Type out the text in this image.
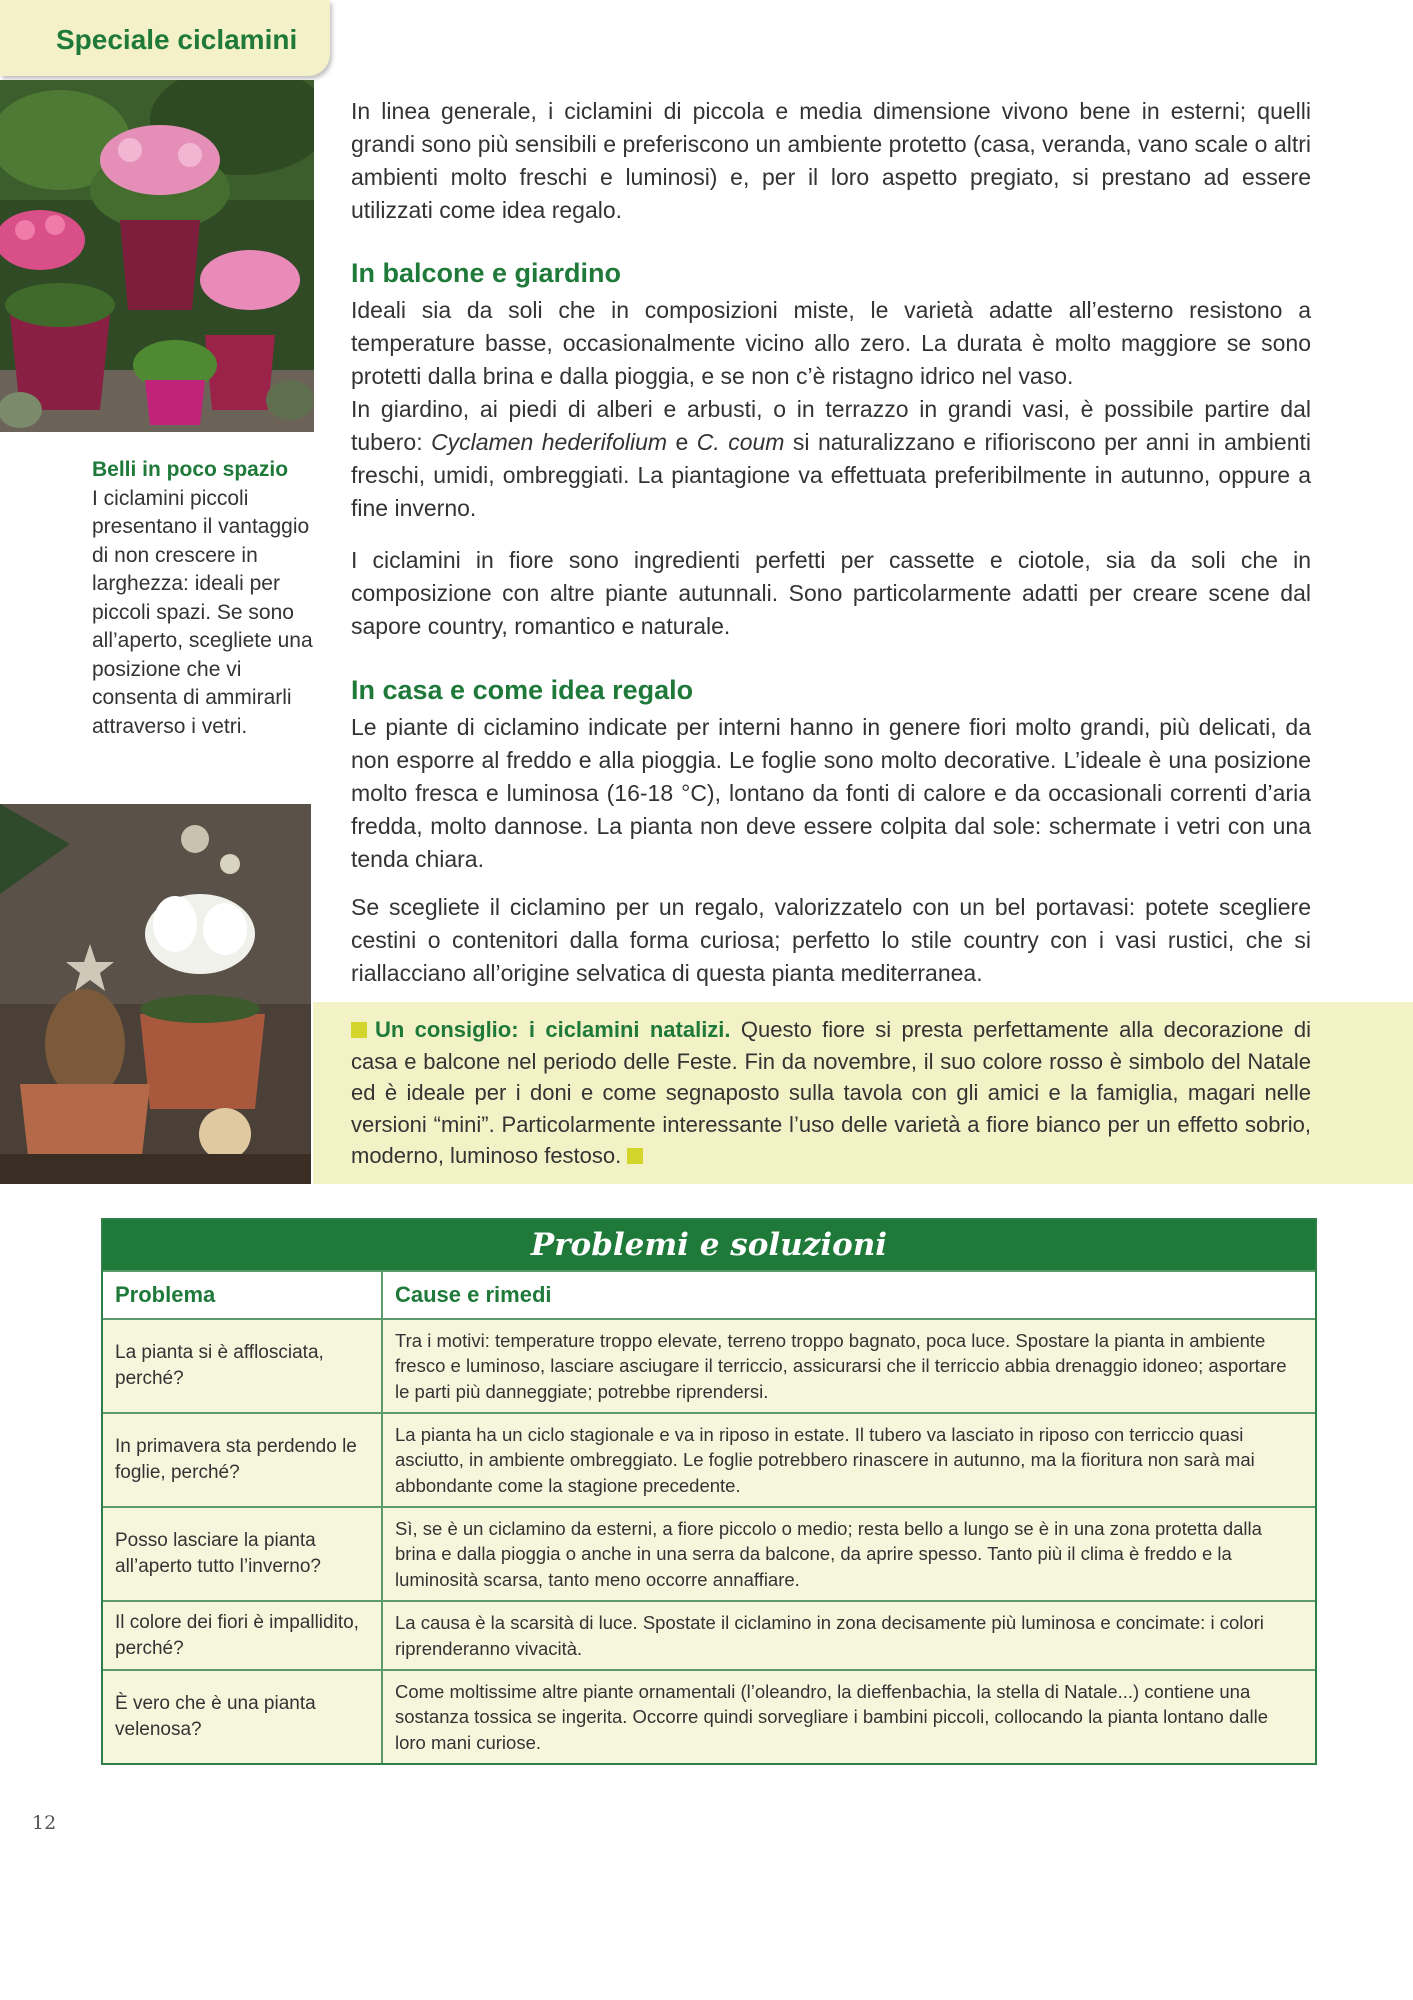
Speciale ciclamini
Belli in poco spazio
I ciclamini piccoli presentano il vantaggio di non crescere in larghezza: ideali per piccoli spazi. Se sono all’aperto, scegliete una posizione che vi consenta di ammirarli attraverso i vetri.

In linea generale, i ciclamini di piccola e media dimensione vivono bene in esterni; quelli grandi sono più sensibili e preferiscono un ambiente protetto (casa, veranda, vano scale o altri ambienti molto freschi e luminosi) e, per il loro aspetto pregiato, si prestano ad essere utilizzati come idea regalo.

In balcone e giardino

Ideali sia da soli che in composizioni miste, le varietà adatte all’esterno resistono a temperature basse, occasionalmente vicino allo zero. La durata è molto maggiore se sono protetti dalla brina e dalla pioggia, e se non c’è ristagno idrico nel vaso.

In giardino, ai piedi di alberi e arbusti, o in terrazzo in grandi vasi, è possibile partire dal tubero: Cyclamen hederifolium e C. coum si naturalizzano e rifioriscono per anni in ambienti freschi, umidi, ombreggiati. La piantagione va effettuata preferibilmente in autunno, oppure a fine inverno.

I ciclamini in fiore sono ingredienti perfetti per cassette e ciotole, sia da soli che in composizione con altre piante autunnali. Sono particolarmente adatti per creare scene dal sapore country, romantico e naturale.

In casa e come idea regalo

Le piante di ciclamino indicate per interni hanno in genere fiori molto grandi, più delicati, da non esporre al freddo e alla pioggia. Le foglie sono molto decorative. L’ideale è una posizione molto fresca e luminosa (16-18 °C), lontano da fonti di calore e da occasionali correnti d’aria fredda, molto dannose. La pianta non deve essere colpita dal sole: schermate i vetri con una tenda chiara.

Se scegliete il ciclamino per un regalo, valorizzatelo con un bel portavasi: potete scegliere cestini o contenitori dalla forma curiosa; perfetto lo stile country con i vasi rustici, che si riallacciano all’origine selvatica di questa pianta mediterranea.

Un consiglio: i ciclamini natalizi. Questo fiore si presta perfettamente alla decorazione di casa e balcone nel periodo delle Feste. Fin da novembre, il suo colore rosso è simbolo del Natale ed è ideale per i doni e come segnaposto sulla tavola con gli amici e la famiglia, magari nelle versioni “mini”. Particolarmente interessante l’uso delle varietà a fiore bianco per un effetto sobrio, moderno, luminoso festoso.

Problemi e soluzioni
Problema	Cause e rimedi
La pianta si è afflosciata, perché?
Tra i motivi: temperature troppo elevate, terreno troppo bagnato, poca luce. Spostare la pianta in ambiente fresco e luminoso, lasciare asciugare il terriccio, assicurarsi che il terriccio abbia drenaggio idoneo; asportare le parti più danneggiate; potrebbe riprendersi.
In primavera sta perdendo le foglie, perché?
La pianta ha un ciclo stagionale e va in riposo in estate. Il tubero va lasciato in riposo con terriccio quasi asciutto, in ambiente ombreggiato. Le foglie potrebbero rinascere in autunno, ma la fioritura non sarà mai abbondante come la stagione precedente.
Posso lasciare la pianta all’aperto tutto l’inverno?
Sì, se è un ciclamino da esterni, a fiore piccolo o medio; resta bello a lungo se è in una zona protetta dalla brina e dalla pioggia o anche in una serra da balcone, da aprire spesso. Tanto più il clima è freddo e la luminosità scarsa, tanto meno occorre annaffiare.
Il colore dei fiori è impallidito, perché?
La causa è la scarsità di luce. Spostate il ciclamino in zona decisamente più luminosa e concimate: i colori riprenderanno vivacità.
È vero che è una pianta velenosa?
Come moltissime altre piante ornamentali (l’oleandro, la dieffenbachia, la stella di Natale...) contiene una sostanza tossica se ingerita. Occorre quindi sorvegliare i bambini piccoli, collocando la pianta lontano dalle loro mani curiose.
12
